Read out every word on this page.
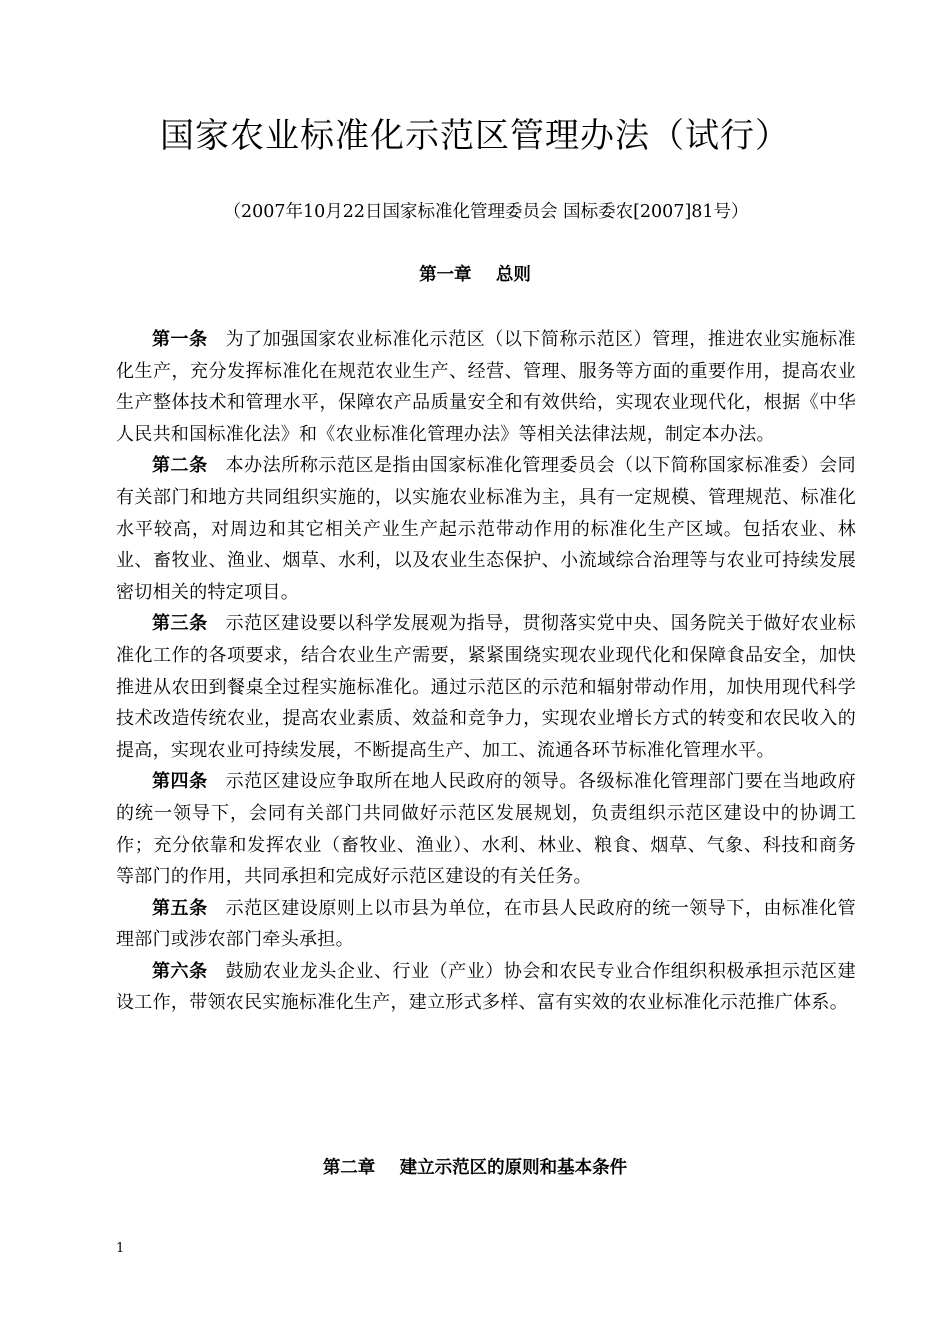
国家农业标准化示范区管理办法（试行）

（2007年10月22日国家标准化管理委员会 国标委农[2007]81号）

第一章    总则

第一条 为了加强国家农业标准化示范区（以下简称示范区）管理，推进农业实施标准化生产，充分发挥标准化在规范农业生产、经营、管理、服务等方面的重要作用，提高农业生产整体技术和管理水平，保障农产品质量安全和有效供给，实现农业现代化，根据《中华人民共和国标准化法》和《农业标准化管理办法》等相关法律法规，制定本办法。

第二条 本办法所称示范区是指由国家标准化管理委员会（以下简称国家标准委）会同有关部门和地方共同组织实施的，以实施农业标准为主，具有一定规模、管理规范、标准化水平较高，对周边和其它相关产业生产起示范带动作用的标准化生产区域。包括农业、林业、畜牧业、渔业、烟草、水利，以及农业生态保护、小流域综合治理等与农业可持续发展密切相关的特定项目。

第三条 示范区建设要以科学发展观为指导，贯彻落实党中央、国务院关于做好农业标准化工作的各项要求，结合农业生产需要，紧紧围绕实现农业现代化和保障食品安全，加快推进从农田到餐桌全过程实施标准化。通过示范区的示范和辐射带动作用，加快用现代科学技术改造传统农业，提高农业素质、效益和竞争力，实现农业增长方式的转变和农民收入的提高，实现农业可持续发展，不断提高生产、加工、流通各环节标准化管理水平。

第四条 示范区建设应争取所在地人民政府的领导。各级标准化管理部门要在当地政府的统一领导下，会同有关部门共同做好示范区发展规划，负责组织示范区建设中的协调工作；充分依靠和发挥农业（畜牧业、渔业）、水利、林业、粮食、烟草、气象、科技和商务等部门的作用，共同承担和完成好示范区建设的有关任务。

第五条 示范区建设原则上以市县为单位，在市县人民政府的统一领导下，由标准化管理部门或涉农部门牵头承担。

第六条 鼓励农业龙头企业、行业（产业）协会和农民专业合作组织积极承担示范区建设工作，带领农民实施标准化生产，建立形式多样、富有实效的农业标准化示范推广体系。

第二章    建立示范区的原则和基本条件
1
